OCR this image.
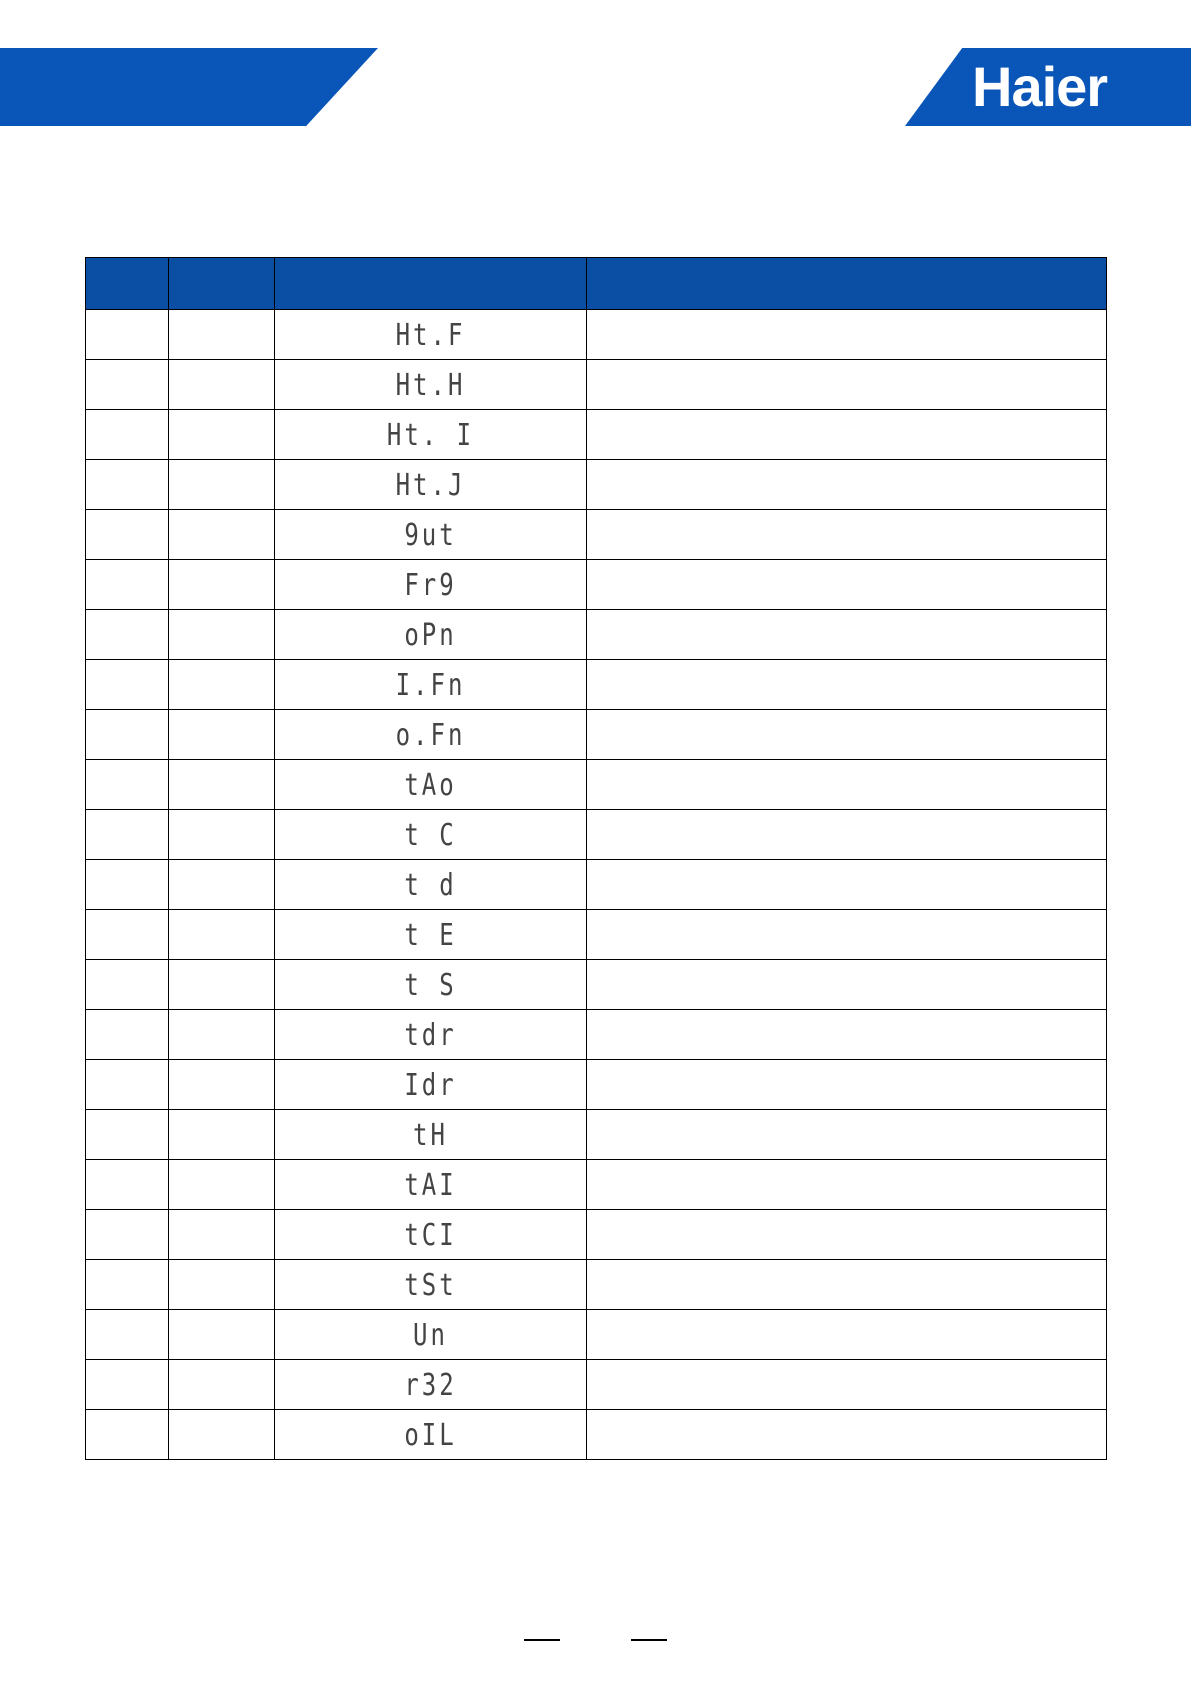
Haier

		Ht.F	
		Ht.H	
		Ht. I	
		Ht.J	
		9ut	
		Fr9	
		oPn	
		I.Fn	
		o.Fn	
		tAo	
		t C	
		t d	
		t E	
		t S	
		tdr	
		Idr	
		tH	
		tAI	
		tCI	
		tSt	
		Un	
		r32	
		oIL	
